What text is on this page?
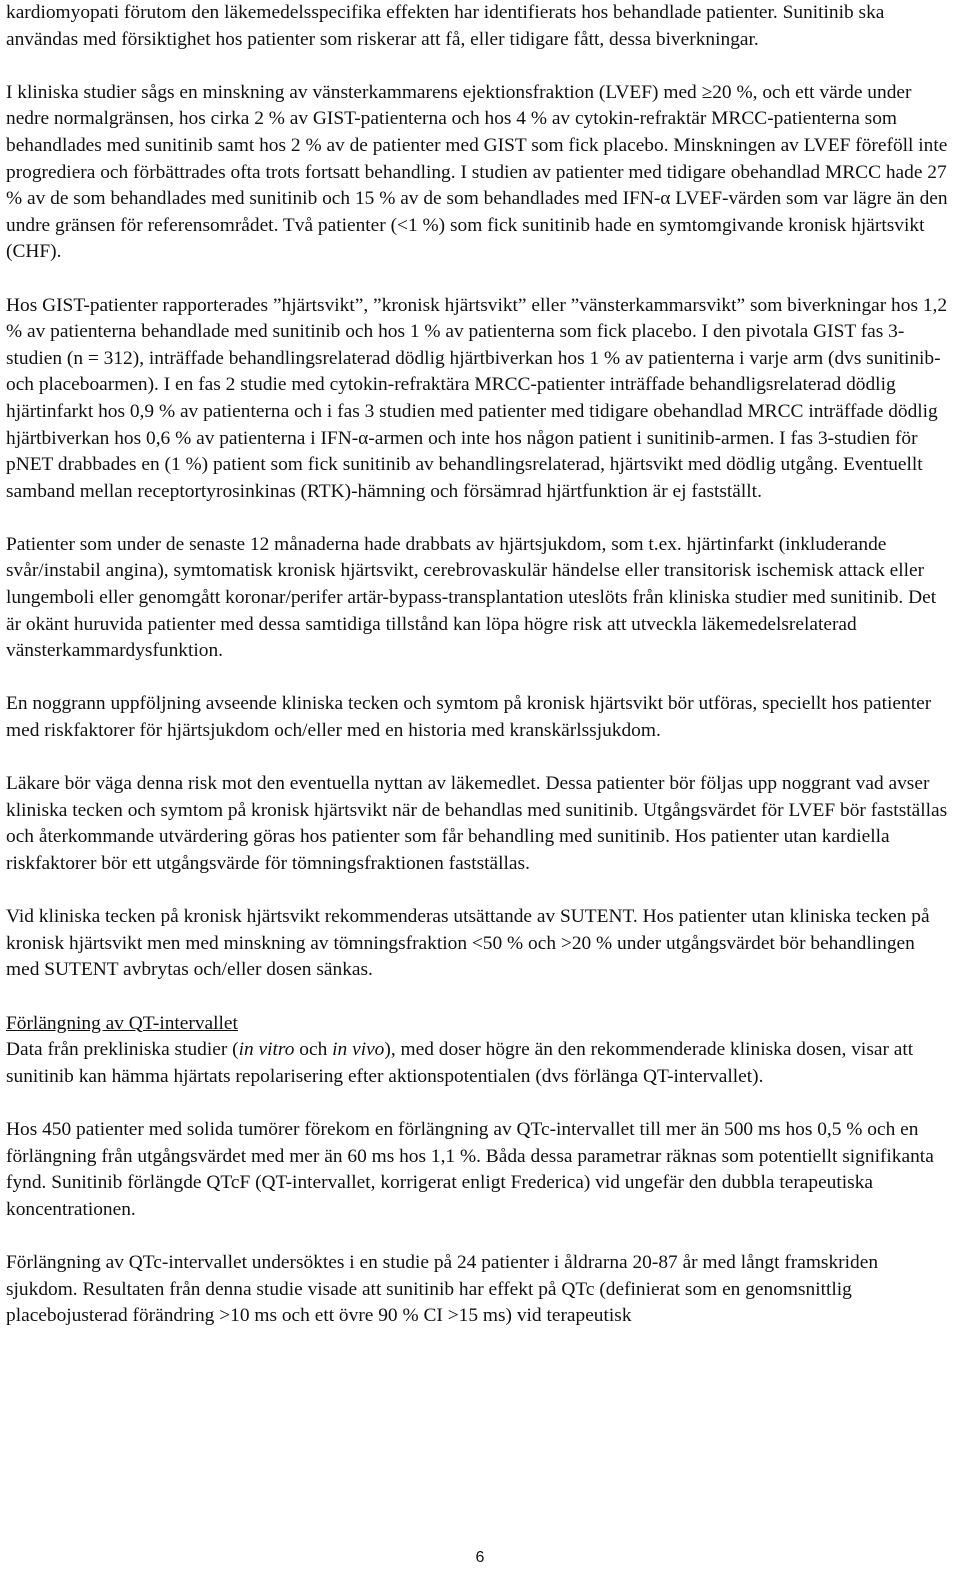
kardiomyopati förutom den läkemedelsspecifika effekten har identifierats hos behandlade patienter. Sunitinib ska användas med försiktighet hos patienter som riskerar att få, eller tidigare fått, dessa biverkningar.

I kliniska studier sågs en minskning av vänsterkammarens ejektionsfraktion (LVEF) med ≥20 %, och ett värde under nedre normalgränsen, hos cirka 2 % av GIST-patienterna och hos 4 % av cytokin-refraktär MRCC-patienterna som behandlades med sunitinib samt hos 2 % av de patienter med GIST som fick placebo. Minskningen av LVEF föreföll inte progrediera och förbättrades ofta trots fortsatt behandling. I studien av patienter med tidigare obehandlad MRCC hade 27 % av de som behandlades med sunitinib och 15 % av de som behandlades med IFN-α LVEF-värden som var lägre än den undre gränsen för referensområdet. Två patienter (<1 %) som fick sunitinib hade en symtomgivande kronisk hjärtsvikt (CHF).

Hos GIST-patienter rapporterades ”hjärtsvikt”, ”kronisk hjärtsvikt” eller ”vänsterkammarsvikt” som biverkningar hos 1,2 % av patienterna behandlade med sunitinib och hos 1 % av patienterna som fick placebo. I den pivotala GIST fas 3-studien (n = 312), inträffade behandlingsrelaterad dödlig hjärtbiverkan hos 1 % av patienterna i varje arm (dvs sunitinib- och placeboarmen). I en fas 2 studie med cytokin-refraktära MRCC-patienter inträffade behandligsrelaterad dödlig hjärtinfarkt hos 0,9 % av patienterna och i fas 3 studien med patienter med tidigare obehandlad MRCC inträffade dödlig hjärtbiverkan hos 0,6 % av patienterna i IFN-α-armen och inte hos någon patient i sunitinib-armen. I fas 3-studien för pNET drabbades en (1 %) patient som fick sunitinib av behandlingsrelaterad, hjärtsvikt med dödlig utgång. Eventuellt samband mellan receptortyrosinkinas (RTK)-hämning och försämrad hjärtfunktion är ej fastställt.

Patienter som under de senaste 12 månaderna hade drabbats av hjärtsjukdom, som t.ex. hjärtinfarkt (inkluderande svår/instabil angina), symtomatisk kronisk hjärtsvikt, cerebrovaskulär händelse eller transitorisk ischemisk attack eller lungemboli eller genomgått koronar/perifer artär-bypass-transplantation uteslöts från kliniska studier med sunitinib. Det är okänt huruvida patienter med dessa samtidiga tillstånd kan löpa högre risk att utveckla läkemedelsrelaterad vänsterkammardysfunktion.

En noggrann uppföljning avseende kliniska tecken och symtom på kronisk hjärtsvikt bör utföras, speciellt hos patienter med riskfaktorer för hjärtsjukdom och/eller med en historia med kranskärlssjukdom.

Läkare bör väga denna risk mot den eventuella nyttan av läkemedlet. Dessa patienter bör följas upp noggrant vad avser kliniska tecken och symtom på kronisk hjärtsvikt när de behandlas med sunitinib. Utgångsvärdet för LVEF bör fastställas och återkommande utvärdering göras hos patienter som får behandling med sunitinib. Hos patienter utan kardiella riskfaktorer bör ett utgångsvärde för tömningsfraktionen fastställas.

Vid kliniska tecken på kronisk hjärtsvikt rekommenderas utsättande av SUTENT. Hos patienter utan kliniska tecken på kronisk hjärtsvikt men med minskning av tömningsfraktion <50 % och >20 % under utgångsvärdet bör behandlingen med SUTENT avbrytas och/eller dosen sänkas.

Förlängning av QT-intervallet

Data från prekliniska studier (in vitro och in vivo), med doser högre än den rekommenderade kliniska dosen, visar att sunitinib kan hämma hjärtats repolarisering efter aktionspotentialen (dvs förlänga QT-intervallet).

Hos 450 patienter med solida tumörer förekom en förlängning av QTc-intervallet till mer än 500 ms hos 0,5 % och en förlängning från utgångsvärdet med mer än 60 ms hos 1,1 %. Båda dessa parametrar räknas som potentiellt signifikanta fynd. Sunitinib förlängde QTcF (QT-intervallet, korrigerat enligt Frederica) vid ungefär den dubbla terapeutiska koncentrationen.

Förlängning av QTc-intervallet undersöktes i en studie på 24 patienter i åldrarna 20-87 år med långt framskriden sjukdom. Resultaten från denna studie visade att sunitinib har effekt på QTc (definierat som en genomsnittlig placebojusterad förändring >10 ms och ett övre 90 % CI >15 ms) vid terapeutisk

6
